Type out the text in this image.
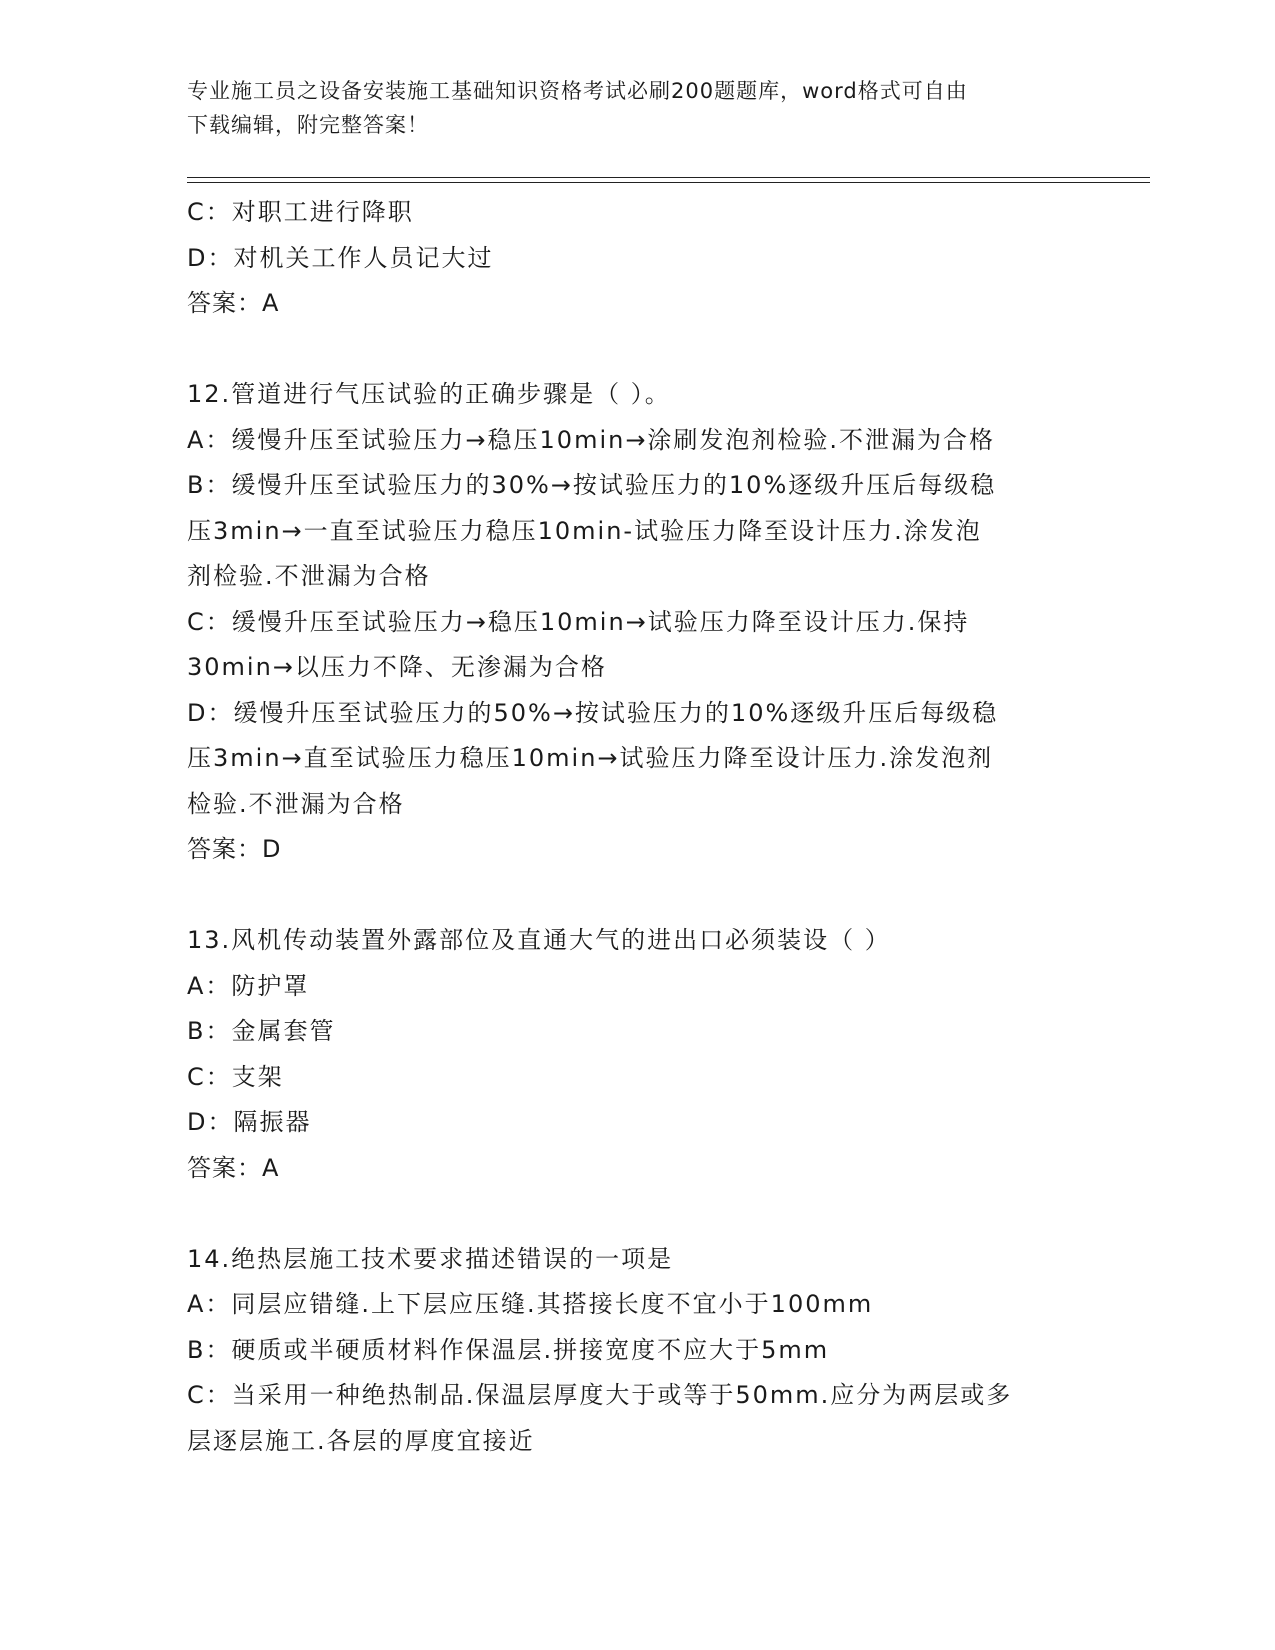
专业施工员之设备安装施工基础知识资格考试必刷200题题库，word格式可自由
下载编辑，附完整答案！
C：对职工进行降职
D：对机关工作人员记大过
答案：A
12.管道进行气压试验的正确步骤是（ ）。
A：缓慢升压至试验压力→稳压10min→涂刷发泡剂检验.不泄漏为合格
B：缓慢升压至试验压力的30%→按试验压力的10%逐级升压后每级稳
压3min→一直至试验压力稳压10min-试验压力降至设计压力.涂发泡
剂检验.不泄漏为合格
C：缓慢升压至试验压力→稳压10min→试验压力降至设计压力.保持
30min→以压力不降、无渗漏为合格
D：缓慢升压至试验压力的50%→按试验压力的10%逐级升压后每级稳
压3min→直至试验压力稳压10min→试验压力降至设计压力.涂发泡剂
检验.不泄漏为合格
答案：D
13.风机传动装置外露部位及直通大气的进出口必须装设（ ）
A：防护罩
B：金属套管
C：支架
D：隔振器
答案：A
14.绝热层施工技术要求描述错误的一项是
A：同层应错缝.上下层应压缝.其搭接长度不宜小于100mm
B：硬质或半硬质材料作保温层.拼接宽度不应大于5mm
C：当采用一种绝热制品.保温层厚度大于或等于50mm.应分为两层或多
层逐层施工.各层的厚度宜接近
